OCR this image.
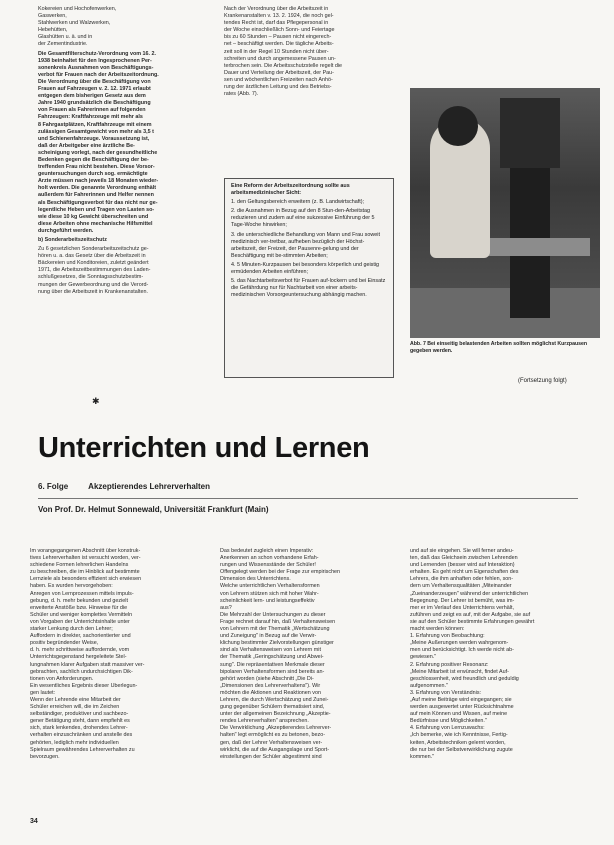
Kokereien und Hochofenwerken,
Gaswerken,
Stahlwerken und Walzwerken,
Hebehütten,
Glashütten u. ä. und in
der Zementindustrie.

Die Gesamtfilterschutz-Verordnung vom 16. 2.
1938 beinhaltet für den Ingesprochenen Per-
sonenkreis Ausnahmen von Beschäftigungs-
verbot für Frauen nach der Arbeitszeitordnung.
Die Verordnung über die Beschäftigung von
Frauen auf Fahrzeugen v. 2. 12. 1971 erlaubt
entgegen dem bisherigen Gesetz aus dem
Jahre 1940 grundsätzlich die Beschäftigung
von Frauen als Fahrerinnen auf folgenden
Fahrzeugen: Kraftfahrzeuge mit mehr als
8 Fahrgastplätzen, Kraftfahrzeuge mit einem
zulässigen Gesamtgewicht von mehr als 3,5 t
und Schienenfahrzeuge. Voraussetzung ist,
daß der Arbeitgeber eine ärztliche Be-
scheinigung vorlegt, nach der gesundheitliche
Bedenken gegen die Beschäftigung der be-
treffenden Frau nicht bestehen. Diese Vorsor-
geuntersuchungen durch sog. ermächtigte
Ärzte müssen nach jeweils 18 Monaten wieder-
holt werden. Die genannte Verordnung enthält
außerdem für Fahrerinnen und Helfer nennen
als Beschäftigungsverbot für das nicht nur ge-
legentliche Heben und Tragen von Lasten so-
wie diese 10 kg Gewicht überschreiten und
diese Arbeiten ohne mechanische Hilfsmittel
durchgeführt werden.

b) Sonderarbeitszeitschutz

Zu 6 gesetzlichen Sonderarbeitszeitschutz ge-
hören u. a. das Gesetz über die Arbeitszeit in
Bäckereien und Konditoreien, zuletzt geändert
1971, die Arbeitszeitbestimmungen des Laden-
schlußgesetzes, die Sonntagsschutzbestim-
mungen der Gewerbeordnung und die Verord-
nung über die Arbeitszeit in Krankenanstalten.

Nach der Verordnung über die Arbeitszeit in
Krankenanstalten v. 13. 2. 1924, die noch gel-
tendes Recht ist, darf das Pflegepersonal in
der Woche einschließlich Sonn- und Feiertage
bis zu 60 Stunden – Pausen nicht eingerech-
net – beschäftigt werden. Die tägliche Arbeits-
zeit soll in der Regel 10 Stunden nicht über-
schreiten und durch angemessene Pausen un-
terbrochen sein. Die Arbeitsschutzstelle regelt die
Dauer und Verteilung der Arbeitszeit, der Pau-
sen und wöchentlichen Freizeiten nach Anhö-
rung der ärztlichen Leitung und des Betriebs-
rates (Abb. 7).

Eine Reform der Arbeitszeitordnung sollte aus arbeitsmedizinischer Sicht:
1. den Geltungsbereich erweitern (z. B. Landwirtschaft);
2. die Ausnahmen in Bezug auf den 8 Stun-den-Arbeitstag reduzieren und zudem auf eine sukzessive Einführung der 5 Tage-Woche hinwirken;
3. die unterschiedliche Behandlung von Mann und Frau soweit medizinisch ver-tretbar, aufheben bezüglich der Höchst-arbeitszeit, der Freizeit, der Pausenre-gelung und der Beschäftigung mit be-stimmten Arbeiten;
4. 5 Minuten-Kurzpausen bei besonders körperlich und geistig ermüdenden Arbeiten einführen;
5. das Nachtarbeitsverbot für Frauen auf-lockern und bei Einsatz die Gefährdung nur für Nachtarbeit von einer arbeits-medizinischen Vorsorgeuntersuchung abhängig machen.
Abb. 7 Bei einseitig belastenden Arbeiten sollten möglichst Kurzpausen gegeben werden.
(Fortsetzung folgt)
✱
Unterrichten und Lernen
6. Folge Akzeptierendes Lehrerverhalten
Von Prof. Dr. Helmut Sonnewald, Universität Frankfurt (Main)

Im vorangegangenen Abschnitt über konstruk-
tives Lehrerverhalten ist versucht worden, ver-
schiedene Formen lehrerlichen Handelns
zu beschreiben, die im Hinblick auf bestimmte
Lernziele als besonders effizient sich erwiesen
haben. Es wurden hervorgehoben:
Anregen von Lernprozessen mittels impuls-
gebung, d. h. mehr bekunden und gezielt
erweiterte Anstöße bzw. Hinweise für die
Schüler und weniger komplettes Vermitteln
von Vorgaben der Unterrichtsinhalte unter
starker Lenkung durch den Lehrer;
Auffordern in direkter, sachorientierter und
positiv begründender Weise,
d. h. mehr schrittweise auffordernde, vom
Unterrichtsgegenstand hergeleitete Stel-
lungnahmen klarer Aufgaben statt massiver ver-
gebrachten, sachlich undurchsichtigen Dik-
tionen von Anforderungen.
Ein wesentliches Ergebnis dieser Überlegun-
gen lautet:
Wenn der Lehrende eine Mitarbeit der
Schüler erreichen will, die im Zeichen
selbständiger, produktiver und sachbezo-
gener Betätigung steht, dann empfiehlt es
sich, stark lenkendes, drohendes Lehrer-
verhalten einzuschränken und anstelle des
gehörten, lediglich mehr individuellen
Spielraum gewährendes Lehrerverhalten zu
bevorzugen.

Das bedeutet zugleich einen Imperativ:
Anerkennen an schon vorhandene Erfah-
rungen und Wissensstände der Schüler!
Offengelegt werden bei der Frage zur empirischen
Dimension des Unterrichtens.
Welche unterrichtlichen Verhaltensformen
von Lehrern stützen sich mit hoher Wahr-
scheinlichkeit lern- und leistungseffektiv
aus?
Die Mehrzahl der Untersuchungen zu dieser
Frage rechnet darauf hin, daß Verhaltensweisen
von Lehrern mit der Thematik „Wertschätzung
und Zuneigung" in Bezug auf die Verwir-
klichung bestimmter Zielvorstellungen günstiger
sind als Verhaltensweisen von Lehrern mit
der Thematik „Geringschätzung und Abwei-
sung". Die repräsentativen Merkmale dieser
bipolaren Verhaltensformen sind bereits an-
gehört worden (siehe Abschnitt „Die Di-
„Dimensionen des Lehrerverhaltens"). Wir
möchten die Aktionen und Reaktionen von
Lehrern, die durch Wertschätzung und Zunei-
gung gegenüber Schülern thematisiert sind,
unter der allgemeinen Bezeichnung „Akzeptie-
rendes Lehrerverhalten" ansprechen.
Die Verwirklichung „Akzeptierendes Lehrerver-
halten" legt ermöglicht es zu betonen, bezo-
gen, daß der Lehrer Verhaltensweisen ver-
wirklicht, die auf die Ausgangslage und Sport-
einstellungen der Schüler abgestimmt sind

und auf sie eingehen. Sie will ferner andeu-
ten, daß das Gleichsein zwischen Lehrenden
und Lernenden (besser wird auf Interaktion)
erhalten. Es geht nicht um Eigenschaften des
Lehrers, die ihm anhaften oder fehlen, son-
dern um Verhaltensqualitäten „Miteinander
„Zueinanderzeugen" während der unterrichtlichen
Begegnung. Der Lehrer ist bemüht, was im-
mer er im Verlauf des Unterrichtens verhält,
zuführen und zeigt es auf, mit der Aufgabe, sie auf
sie auf den Schüler bestimmte Erfahrungen gewährt
macht werden können:
1. Erfahrung von Beobachtung:
„Meine Äußerungen werden wahrgenom-
men und berücksichtigt. Ich werde nicht ab-
gewiesen."
2. Erfahrung positiver Resonanz:
„Meine Mitarbeit ist erwünscht, findet Auf-
geschlossenheit, wird freundlich und geduldig
aufgenommen."
3. Erfahrung von Verständnis:
„Auf meine Beiträge wird eingegangen; sie
werden ausgewertet unter Rücksichtnahme
auf mein Können und Wissen, auf meine
Bedürfnisse und Möglichkeiten."
4. Erfahrung von Lernzuwachs:
„Ich bemerke, wie ich Kenntnisse, Fertig-
keiten, Arbeitstechniken gelernt worden,
die nur bei der Selbstverwirklichung zugute
kommen."

34
